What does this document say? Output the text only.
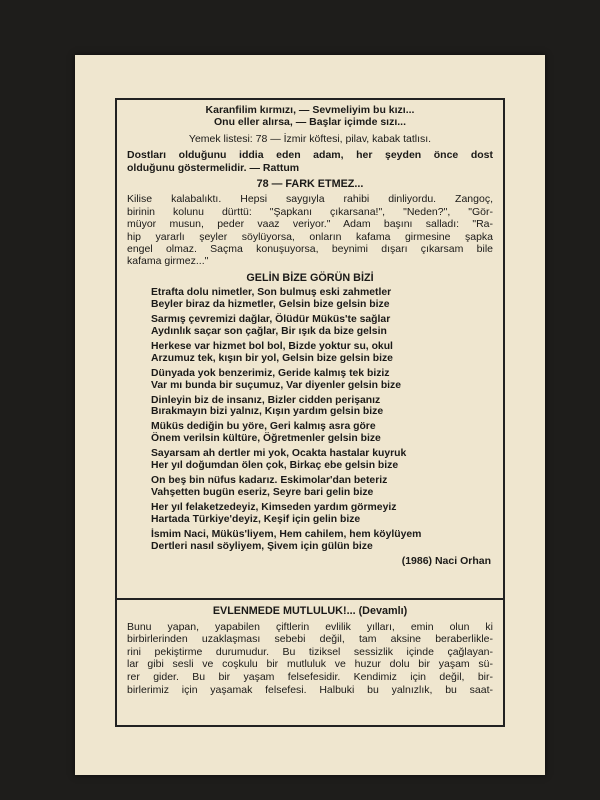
Karanfilim kırmızı, — Sevmeliyim bu kızı...
Onu eller alırsa, — Başlar içimde sızı...
Yemek listesi: 78 — İzmir köftesi, pilav, kabak tatlısı.
Dostları olduğunu iddia eden adam, her şeyden önce dost
olduğunu göstermelidir. — Rattum
78 — FARK ETMEZ...
Kilise kalabalıktı. Hepsi saygıyla rahibi dinliyordu. Zangoç,
birinin kolunu dürttü: "Şapkanı çıkarsana!", "Neden?", "Gör-
müyor musun, peder vaaz veriyor." Adam başını salladı: "Ra-
hip yararlı şeyler söylüyorsa, onların kafama girmesine şapka
engel olmaz. Saçma konuşuyorsa, beynimi dışarı çıkarsam bile
kafama girmez..."
GELİN BİZE GÖRÜN BİZİ
Etrafta dolu nimetler, Son bulmuş eski zahmetler
Beyler biraz da hizmetler, Gelsin bize gelsin bize
Sarmış çevremizi dağlar, Ölüdür Müküs'te sağlar
Aydınlık saçar son çağlar, Bir ışık da bize gelsin
Herkese var hizmet bol bol, Bizde yoktur su, okul
Arzumuz tek, kışın bir yol, Gelsin bize gelsin bize
Dünyada yok benzerimiz, Geride kalmış tek biziz
Var mı bunda bir suçumuz, Var diyenler gelsin bize
Dinleyin biz de insanız, Bizler cidden perişanız
Bırakmayın bizi yalnız, Kışın yardım gelsin bize
Müküs dediğin bu yöre, Geri kalmış asra göre
Önem verilsin kültüre, Öğretmenler gelsin bize
Sayarsam ah dertler mi yok, Ocakta hastalar kuyruk
Her yıl doğumdan ölen çok, Birkaç ebe gelsin bize
On beş bin nüfus kadarız. Eskimolar'dan beteriz
Vahşetten bugün eseriz, Seyre bari gelin bize
Her yıl felaketzedeyiz, Kimseden yardım görmeyiz
Hartada Türkiye'deyiz, Keşif için gelin bize
İsmim Naci, Müküs'liyem, Hem cahilem, hem köylüyem
Dertleri nasıl söyliyem, Şivem için gülün bize
(1986) Naci Orhan
EVLENMEDE MUTLULUK!... (Devamlı)
Bunu yapan, yapabilen çiftlerin evlilik yılları, emin olun ki
birbirlerinden uzaklaşması sebebi değil, tam aksine beraberlikle-
rini pekiştirme durumudur. Bu tiziksel sessizlik içinde çağlayan-
lar gibi sesli ve coşkulu bir mutluluk ve huzur dolu bir yaşam sü-
rer gider. Bu bir yaşam felsefesidir. Kendimiz için değil, bir-
birlerimiz için yaşamak felsefesi. Halbuki bu yalnızlık, bu saat-
